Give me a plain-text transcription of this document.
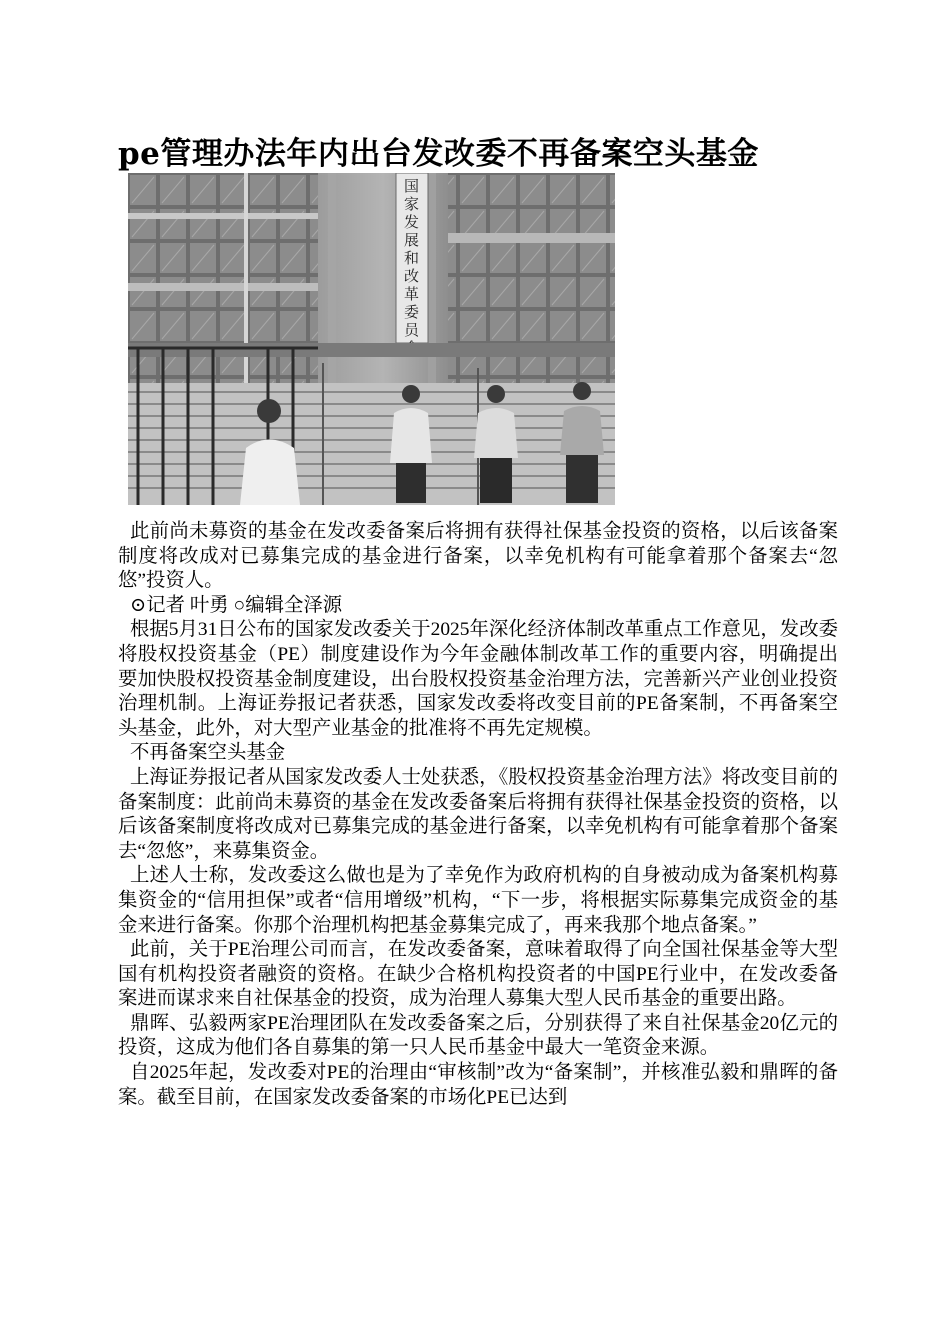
pe管理办法年内出台发改委不再备案空头基金
国
家
发
展
和
改
革
委
员

此前尚未募资的基金在发改委备案后将拥有获得社保基金投资的资格，以后该备案制度将改成对已募集完成的基金进行备案，以幸免机构有可能拿着那个备案去“忽悠”投资人。

⊙记者 叶勇 ○编辑全泽源

根据5月31日公布的国家发改委关于2025年深化经济体制改革重点工作意见，发改委将股权投资基金（PE）制度建设作为今年金融体制改革工作的重要内容，明确提出要加快股权投资基金制度建设，出台股权投资基金治理方法，完善新兴产业创业投资治理机制。上海证券报记者获悉，国家发改委将改变目前的PE备案制，不再备案空头基金，此外，对大型产业基金的批准将不再先定规模。

不再备案空头基金

上海证券报记者从国家发改委人士处获悉，《股权投资基金治理方法》将改变目前的备案制度：此前尚未募资的基金在发改委备案后将拥有获得社保基金投资的资格，以后该备案制度将改成对已募集完成的基金进行备案，以幸免机构有可能拿着那个备案去“忽悠”，来募集资金。

上述人士称，发改委这么做也是为了幸免作为政府机构的自身被动成为备案机构募集资金的“信用担保”或者“信用增级”机构，“下一步，将根据实际募集完成资金的基金来进行备案。你那个治理机构把基金募集完成了，再来我那个地点备案。”

此前，关于PE治理公司而言，在发改委备案，意味着取得了向全国社保基金等大型国有机构投资者融资的资格。在缺少合格机构投资者的中国PE行业中，在发改委备案进而谋求来自社保基金的投资，成为治理人募集大型人民币基金的重要出路。

鼎晖、弘毅两家PE治理团队在发改委备案之后，分别获得了来自社保基金20亿元的投资，这成为他们各自募集的第一只人民币基金中最大一笔资金来源。

自2025年起，发改委对PE的治理由“审核制”改为“备案制”，并核准弘毅和鼎晖的备案。截至目前，在国家发改委备案的市场化PE已达到
